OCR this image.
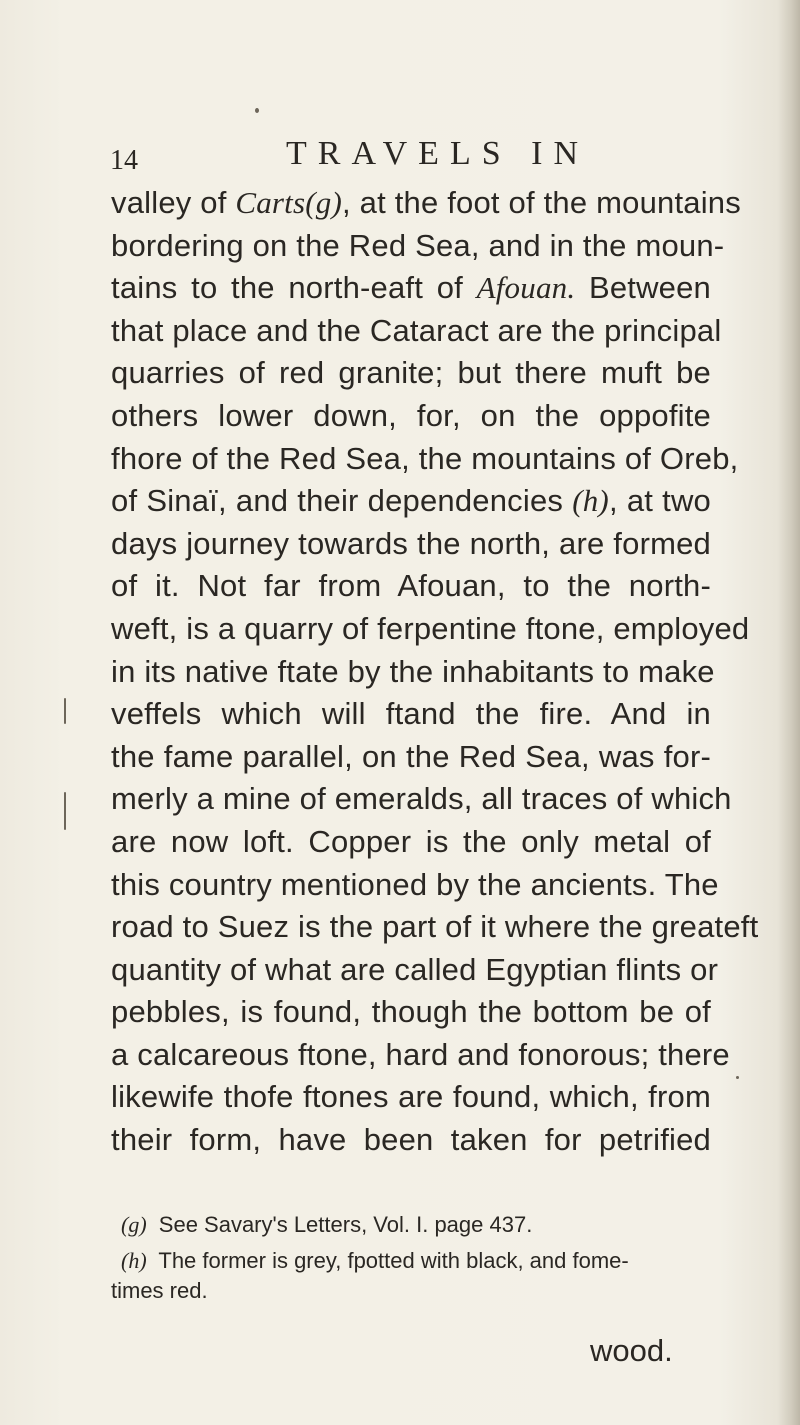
14	TRAVELS IN
valley of Carts(g), at the foot of the mountains
bordering on the Red Sea, and in the moun-
tains to the north-eaft of Afouan. Between
that place and the Cataract are the principal
quarries of red granite; but there muft be
others lower down, for, on the oppofite
fhore of the Red Sea, the mountains of Oreb,
of Sinaï, and their dependencies (h), at two
days journey towards the north, are formed
of it. Not far from Afouan, to the north-
weft, is a quarry of ferpentine ftone, employed
in its native ftate by the inhabitants to make
veffels which will ftand the fire. And in
the fame parallel, on the Red Sea, was for-
merly a mine of emeralds, all traces of which
are now loft. Copper is the only metal of
this country mentioned by the ancients. The
road to Suez is the part of it where the greateft
quantity of what are called Egyptian flints or
pebbles, is found, though the bottom be of
a calcareous ftone, hard and fonorous; there
likewife thofe ftones are found, which, from
their form, have been taken for petrified
(g) See Savary's Letters, Vol. I. page 437.
(h) The former is grey, fpotted with black, and fome-
times red.
wood.
